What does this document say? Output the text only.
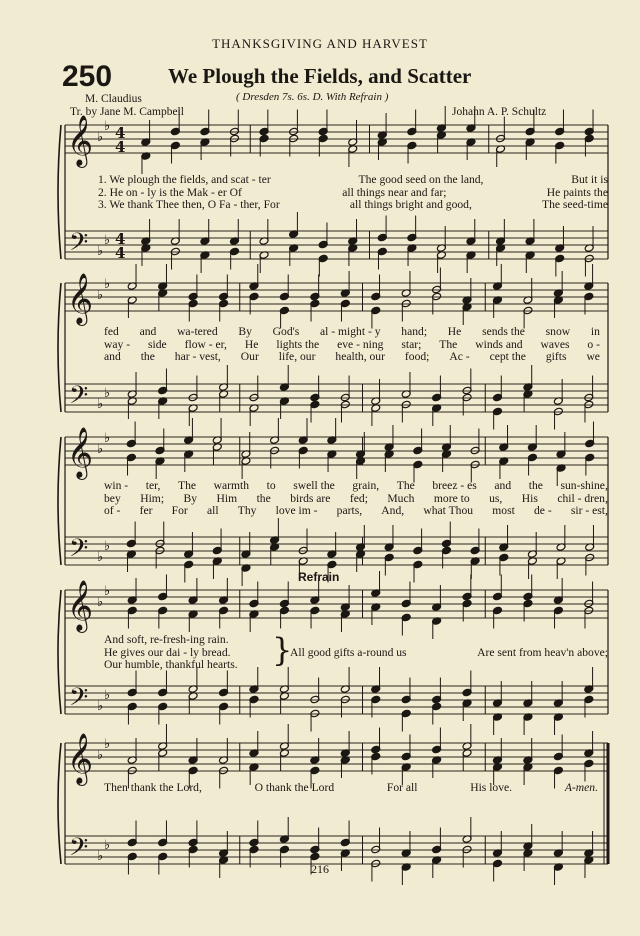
THANKSGIVING AND HARVEST
250	We Plough the Fields, and Scatter
M. Claudius
Tr. by Jane M. Campbell
( Dresden 7s. 6s. D. With Refrain )
Johann A. P. Schultz
𝄞
𝄢
♭
♭
♭
♭
4
4
4
4
𝄞
𝄢
♭
♭
♭
♭
𝄞
𝄢
♭
♭
♭
♭
𝄞
𝄢
♭
♭
♭
♭
𝄞
𝄢
♭
♭
♭
♭
1. We plough the fields, and scat - ter	The good seed on the land,	But it is
2. He on - ly is the Mak - er Of	all things near and far;	He paints the
3. We thank Thee then, O Fa - ther, For	all things bright and good,	The seed-time
fed and wa-tered By God's al - might - y hand; He sends the snow in
way - side flow - er, He lights the eve - ning star; The winds and waves o -
and the har - vest, Our life, our health, our food; Ac - cept the gifts we
win - ter, The warmth to swell the grain, The breez - es and the sun-shine,
bey Him; By Him the birds are fed; Much more to us, His chil - dren,
of - fer For all Thy love im - parts, And, what Thou most de - sir - est,
And soft, re-fresh-ing rain.
He gives our dai - ly bread.
Our humble, thankful hearts. }
All good gifts a-round us	Are sent from heav'n above;
Refrain
Then thank the Lord,	O thank the Lord	For all	His love.	A-men.
216
